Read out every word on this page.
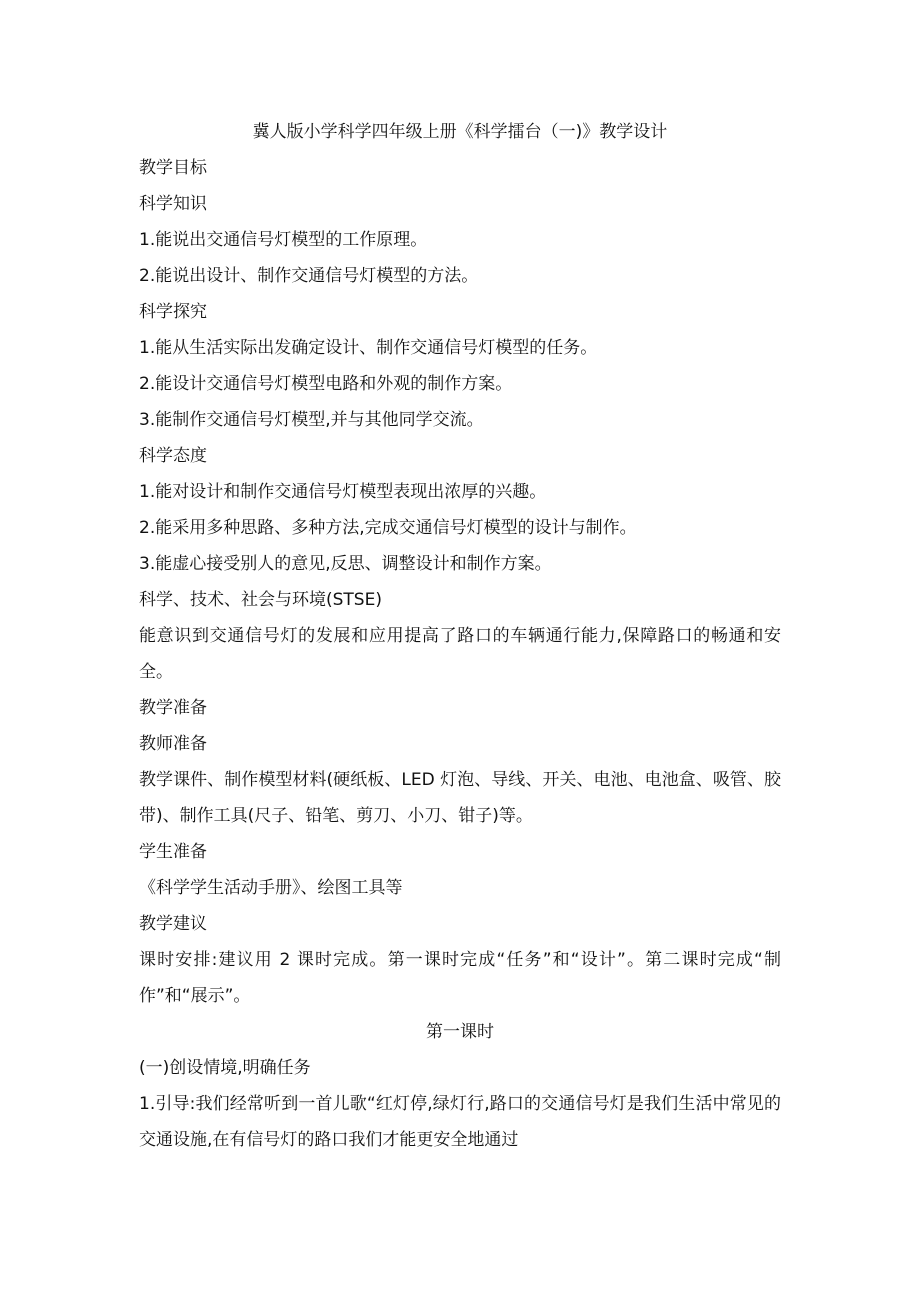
冀人版小学科学四年级上册《科学擂台（一)》教学设计
教学目标
科学知识
1.能说出交通信号灯模型的工作原理。
2.能说出设计、制作交通信号灯模型的方法。
科学探究
1.能从生活实际出发确定设计、制作交通信号灯模型的任务。
2.能设计交通信号灯模型电路和外观的制作方案。
3.能制作交通信号灯模型,并与其他同学交流。
科学态度
1.能对设计和制作交通信号灯模型表现出浓厚的兴趣。
2.能采用多种思路、多种方法,完成交通信号灯模型的设计与制作。
3.能虚心接受别人的意见,反思、调整设计和制作方案。
科学、技术、社会与环境(STSE)
能意识到交通信号灯的发展和应用提高了路口的车辆通行能力,保障路口的畅通和安全。
教学准备
教师准备
教学课件、制作模型材料(硬纸板、LED 灯泡、导线、开关、电池、电池盒、吸管、胶带)、制作工具(尺子、铅笔、剪刀、小刀、钳子)等。
学生准备
《科学学生活动手册》、绘图工具等
教学建议
课时安排:建议用 2 课时完成。第一课时完成“任务”和“设计”。第二课时完成“制作”和“展示”。
第一课时
(一)创设情境,明确任务
1.引导:我们经常听到一首儿歌“红灯停,绿灯行,路口的交通信号灯是我们生活中常见的交通设施,在有信号灯的路口我们才能更安全地通过
